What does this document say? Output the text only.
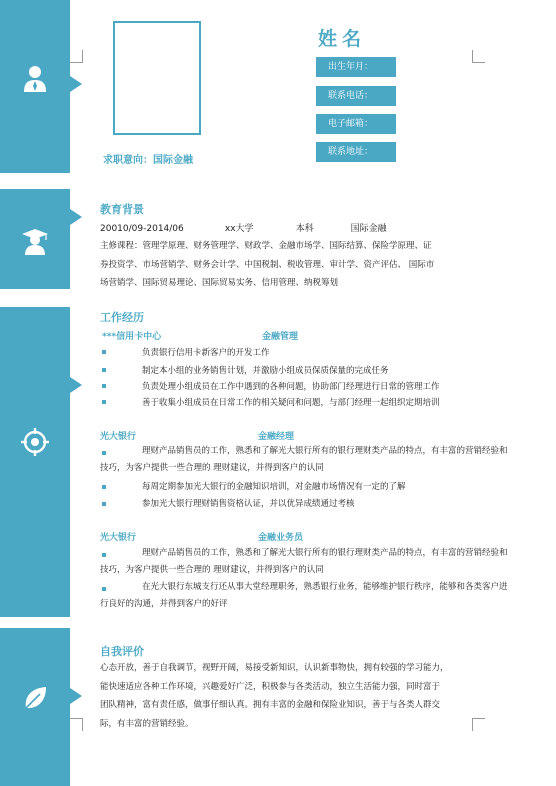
求职意向：国际金融
姓名
出生年月：
联系电话：
电子邮箱：
联系地址：
教育背景
20010/09-2014/06	xx大学	本科	国际金融
主修课程：管理学原理、财务管理学、财政学、金融市场学、国际结算、保险学原理、证
券投资学、市场营销学、财务会计学、中国税制、税收管理、审计学、资产评估、 国际市
场营销学、国际贸易理论、国际贸易实务、信用管理、纳税筹划
工作经历
***信用卡中心	金融管理
负责银行信用卡新客户的开发工作
制定本小组的业务销售计划，并激励小组成员保质保量的完成任务
负责处理小组成员在工作中遇到的各种问题，协助部门经理进行日常的管理工作
善于收集小组成员在日常工作的相关疑问和问题，与部门经理一起组织定期培训
光大银行	金融经理
理财产品销售员的工作，熟悉和了解光大银行所有的银行理财类产品的特点，有丰富的营销经验和技巧，为客户提供一些合理的 理财建议，并得到客户的认同
每周定期参加光大银行的金融知识培训，对金融市场情况有一定的了解
参加光大银行理财销售资格认证，并以优异成绩通过考核
光大银行	金融业务员
理财产品销售员的工作，熟悉和了解光大银行所有的银行理财类产品的特点，有丰富的营销经验和技巧，为客户提供一些合理的 理财建议，并得到客户的认同
在光大银行东城支行还从事大堂经理职务，熟悉银行业务，能够维护银行秩序，能够和各类客户进行良好的沟通，并得到客户的好评
自我评价
心态开放，善于自我调节，视野开阔，易接受新知识，认识新事物快，拥有较强的学习能力，
能快速适应各种工作环境，兴趣爱好广泛，积极参与各类活动，独立生活能力强，同时富于
团队精神，富有责任感，做事仔细认真。拥有丰富的金融和保险业知识，善于与各类人群交
际，有丰富的营销经验。
